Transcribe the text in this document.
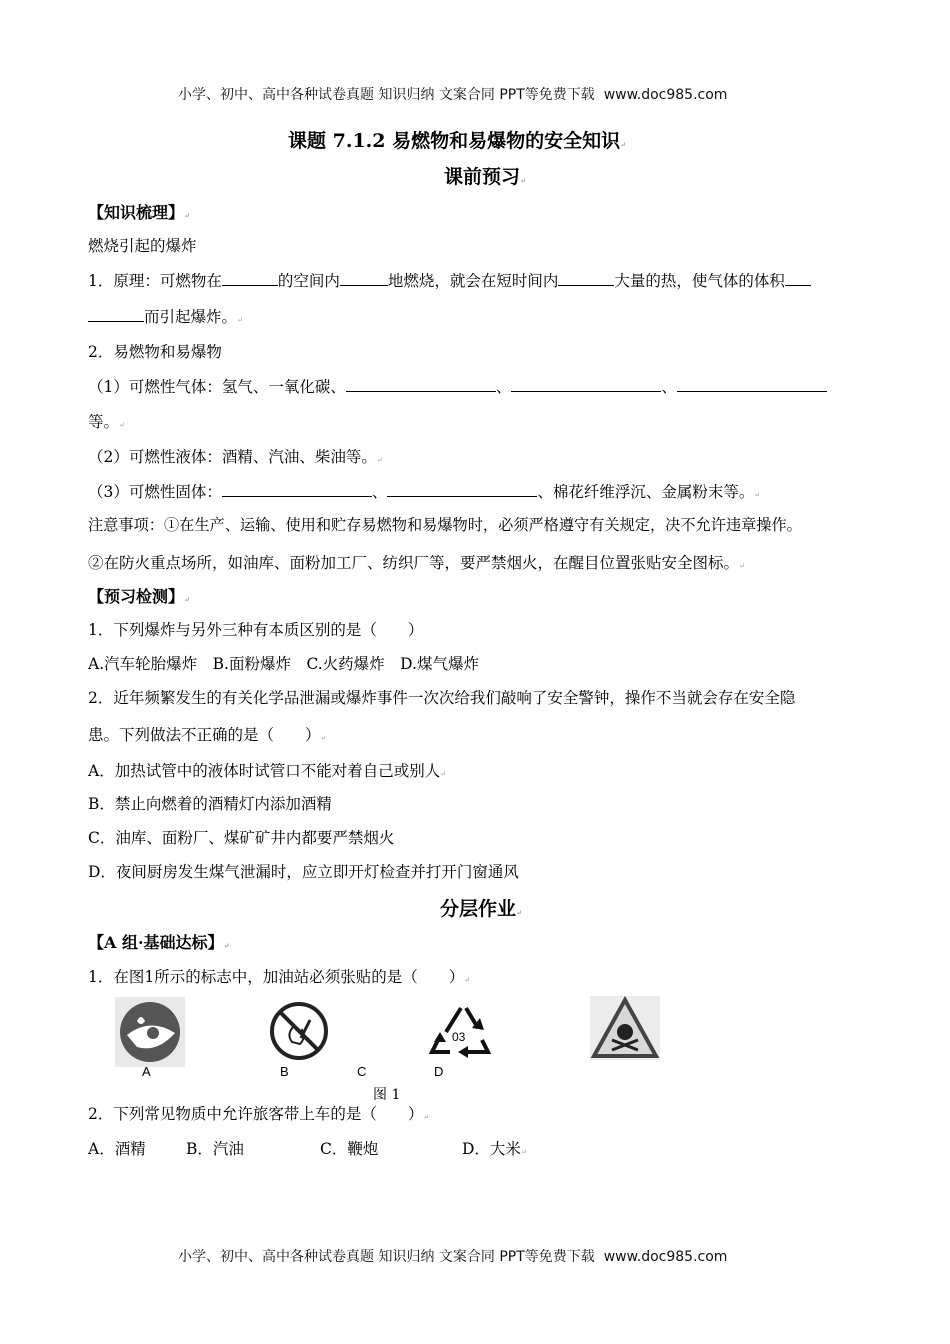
小学、初中、高中各种试卷真题 知识归纳 文案合同 PPT等免费下载 www.doc985.com
课题 7.1.2 易燃物和易爆物的安全知识↵
课前预习↵
【知识梳理】↵
燃烧引起的爆炸
1．原理：可燃物在	的空间内	地燃烧，就会在短时间内	大量的热，使气体的体积
而引起爆炸。↵
2．易燃物和易爆物
（1）可燃性气体：氢气、一氧化碳、	、	、
等。↵
（2）可燃性液体：酒精、汽油、柴油等。↵
（3）可燃性固体：	、	、棉花纤维浮沉、金属粉末等。↵
注意事项：①在生产、运输、使用和贮存易燃物和易爆物时，必须严格遵守有关规定，决不允许违章操作。
②在防火重点场所，如油库、面粉加工厂、纺织厂等，要严禁烟火，在醒目位置张贴安全图标。↵
【预习检测】↵
1．下列爆炸与另外三种有本质区别的是（　　）
A.汽车轮胎爆炸　B.面粉爆炸　C.火药爆炸　D.煤气爆炸
2．近年频繁发生的有关化学品泄漏或爆炸事件一次次给我们敲响了安全警钟，操作不当就会存在安全隐
患。下列做法不正确的是（　　）↵
A．加热试管中的液体时试管口不能对着自己或别人↵
B．禁止向燃着的酒精灯内添加酒精
C．油库、面粉厂、煤矿矿井内都要严禁烟火
D．夜间厨房发生煤气泄漏时，应立即开灯检查并打开门窗通风
分层作业↵
【A 组·基础达标】↵
1．在图1所示的标志中，加油站必须张贴的是（　　）↵
03
A	B	C	D
图 1
2．下列常见物质中允许旅客带上车的是（　　）↵
A．酒精	B．汽油	C．鞭炮	D．大米↵
小学、初中、高中各种试卷真题 知识归纳 文案合同 PPT等免费下载 www.doc985.com
